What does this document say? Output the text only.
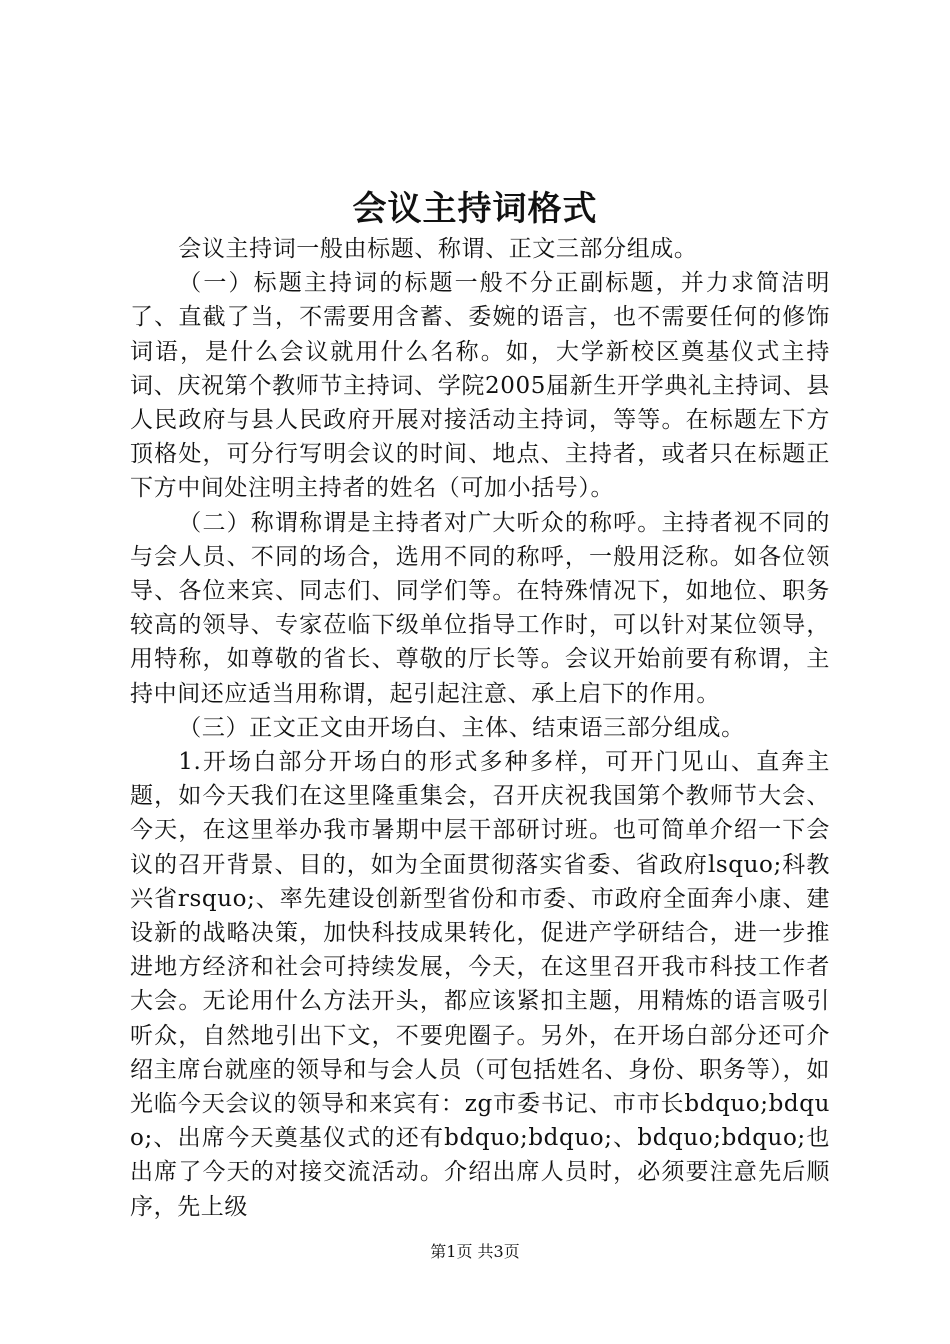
会议主持词格式

会议主持词一般由标题、称谓、正文三部分组成。

（一）标题主持词的标题一般不分正副标题，并力求简洁明了、直截了当，不需要用含蓄、委婉的语言，也不需要任何的修饰词语，是什么会议就用什么名称。如，大学新校区奠基仪式主持词、庆祝第个教师节主持词、学院2005届新生开学典礼主持词、县人民政府与县人民政府开展对接活动主持词，等等。在标题左下方顶格处，可分行写明会议的时间、地点、主持者，或者只在标题正下方中间处注明主持者的姓名（可加小括号）。

（二）称谓称谓是主持者对广大听众的称呼。主持者视不同的与会人员、不同的场合，选用不同的称呼，一般用泛称。如各位领导、各位来宾、同志们、同学们等。在特殊情况下，如地位、职务较高的领导、专家莅临下级单位指导工作时，可以针对某位领导，用特称，如尊敬的省长、尊敬的厅长等。会议开始前要有称谓，主持中间还应适当用称谓，起引起注意、承上启下的作用。

（三）正文正文由开场白、主体、结束语三部分组成。

1.开场白部分开场白的形式多种多样，可开门见山、直奔主题，如今天我们在这里隆重集会，召开庆祝我国第个教师节大会、今天，在这里举办我市暑期中层干部研讨班。也可简单介绍一下会议的召开背景、目的，如为全面贯彻落实省委、省政府lsquo;科教兴省rsquo;、率先建设创新型省份和市委、市政府全面奔小康、建设新的战略决策，加快科技成果转化，促进产学研结合，进一步推进地方经济和社会可持续发展，今天，在这里召开我市科技工作者大会。无论用什么方法开头，都应该紧扣主题，用精炼的语言吸引听众，自然地引出下文，不要兜圈子。另外，在开场白部分还可介绍主席台就座的领导和与会人员（可包括姓名、身份、职务等），如光临今天会议的领导和来宾有：zg市委书记、市市长bdquo;bdquo;、出席今天奠基仪式的还有bdquo;bdquo;、bdquo;bdquo;也出席了今天的对接交流活动。介绍出席人员时，必须要注意先后顺序，先上级

第1页 共3页
